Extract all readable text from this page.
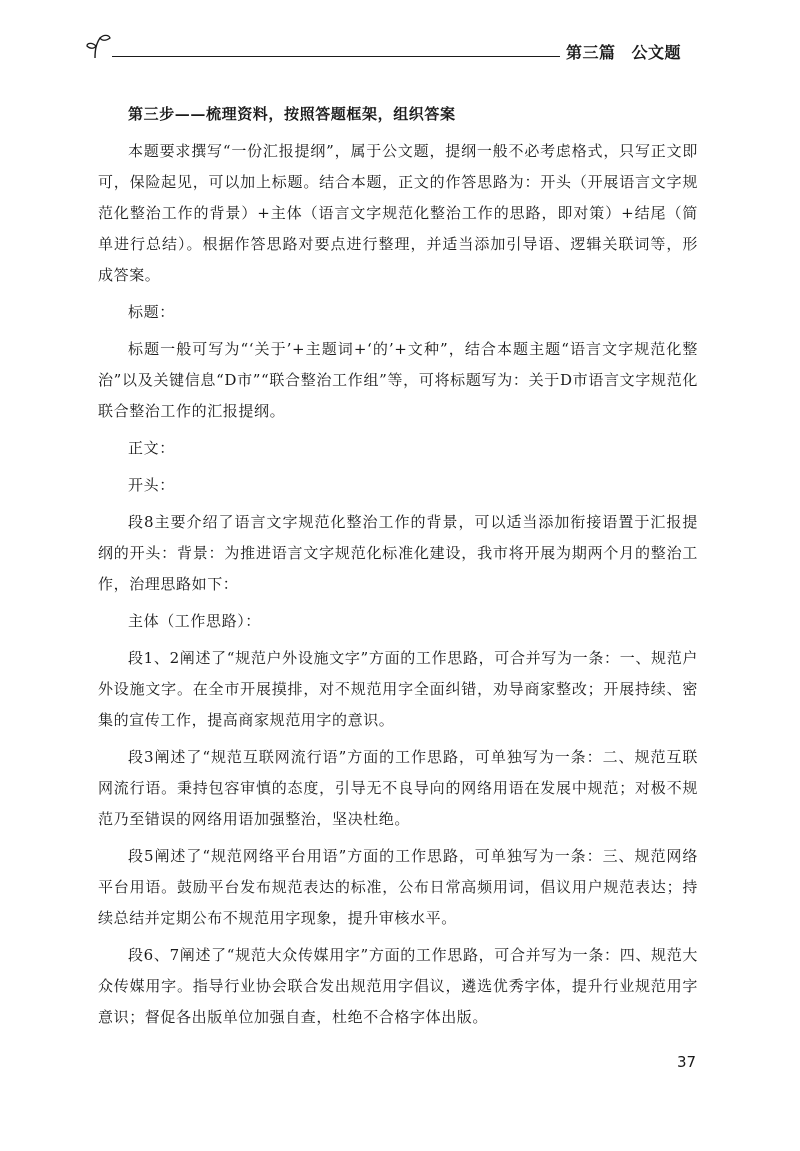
第三篇 公文题

第三步——梳理资料，按照答题框架，组织答案

本题要求撰写“一份汇报提纲”，属于公文题，提纲一般不必考虑格式，只写正文即可，保险起见，可以加上标题。结合本题，正文的作答思路为：开头（开展语言文字规范化整治工作的背景）+主体（语言文字规范化整治工作的思路，即对策）+结尾（简单进行总结）。根据作答思路对要点进行整理，并适当添加引导语、逻辑关联词等，形成答案。

标题：

标题一般可写为“‘关于’+主题词+‘的’+文种”，结合本题主题“语言文字规范化整治”以及关键信息“D市”“联合整治工作组”等，可将标题写为：关于D市语言文字规范化联合整治工作的汇报提纲。

正文：

开头：

段8主要介绍了语言文字规范化整治工作的背景，可以适当添加衔接语置于汇报提纲的开头：背景：为推进语言文字规范化标准化建设，我市将开展为期两个月的整治工作，治理思路如下：

主体（工作思路）：

段1、2阐述了“规范户外设施文字”方面的工作思路，可合并写为一条：一、规范户外设施文字。在全市开展摸排，对不规范用字全面纠错，劝导商家整改；开展持续、密集的宣传工作，提高商家规范用字的意识。

段3阐述了“规范互联网流行语”方面的工作思路，可单独写为一条：二、规范互联网流行语。秉持包容审慎的态度，引导无不良导向的网络用语在发展中规范；对极不规范乃至错误的网络用语加强整治，坚决杜绝。

段5阐述了“规范网络平台用语”方面的工作思路，可单独写为一条：三、规范网络平台用语。鼓励平台发布规范表达的标准，公布日常高频用词，倡议用户规范表达；持续总结并定期公布不规范用字现象，提升审核水平。

段6、7阐述了“规范大众传媒用字”方面的工作思路，可合并写为一条：四、规范大众传媒用字。指导行业协会联合发出规范用字倡议，遴选优秀字体，提升行业规范用字意识；督促各出版单位加强自查，杜绝不合格字体出版。

37
